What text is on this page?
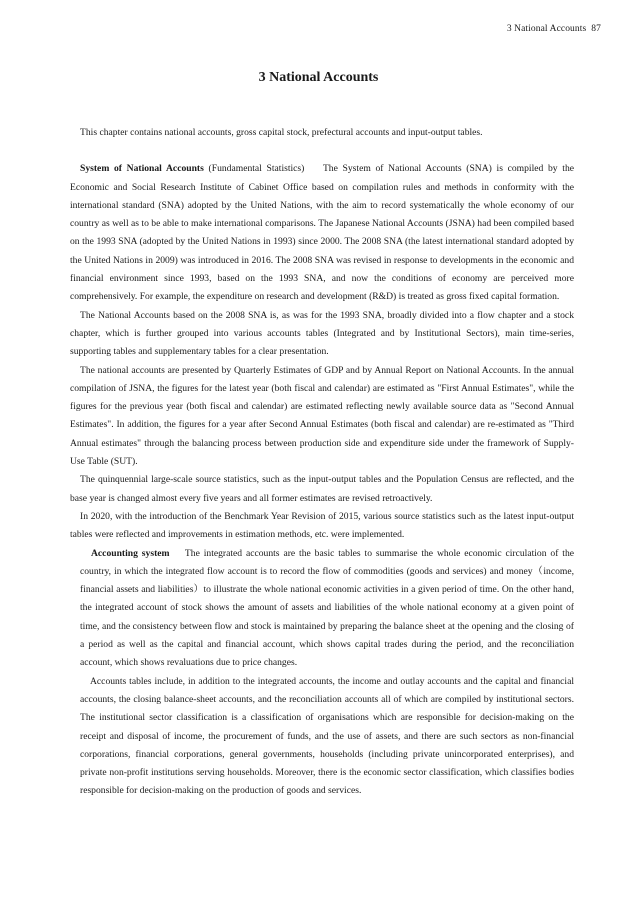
3 National Accounts 87
3 National Accounts

This chapter contains national accounts, gross capital stock, prefectural accounts and input-output tables.

System of National Accounts (Fundamental Statistics) The System of National Accounts (SNA) is compiled by the Economic and Social Research Institute of Cabinet Office based on compilation rules and methods in conformity with the international standard (SNA) adopted by the United Nations, with the aim to record systematically the whole economy of our country as well as to be able to make international comparisons. The Japanese National Accounts (JSNA) had been compiled based on the 1993 SNA (adopted by the United Nations in 1993) since 2000. The 2008 SNA (the latest international standard adopted by the United Nations in 2009) was introduced in 2016. The 2008 SNA was revised in response to developments in the economic and financial environment since 1993, based on the 1993 SNA, and now the conditions of economy are perceived more comprehensively. For example, the expenditure on research and development (R&D) is treated as gross fixed capital formation.

The National Accounts based on the 2008 SNA is, as was for the 1993 SNA, broadly divided into a flow chapter and a stock chapter, which is further grouped into various accounts tables (Integrated and by Institutional Sectors), main time-series, supporting tables and supplementary tables for a clear presentation.

The national accounts are presented by Quarterly Estimates of GDP and by Annual Report on National Accounts. In the annual compilation of JSNA, the figures for the latest year (both fiscal and calendar) are estimated as "First Annual Estimates", while the figures for the previous year (both fiscal and calendar) are estimated reflecting newly available source data as "Second Annual Estimates". In addition, the figures for a year after Second Annual Estimates (both fiscal and calendar) are re-estimated as "Third Annual estimates" through the balancing process between production side and expenditure side under the framework of Supply-Use Table (SUT).

The quinquennial large-scale source statistics, such as the input-output tables and the Population Census are reflected, and the base year is changed almost every five years and all former estimates are revised retroactively.

In 2020, with the introduction of the Benchmark Year Revision of 2015, various source statistics such as the latest input-output tables were reflected and improvements in estimation methods, etc. were implemented.

Accounting system The integrated accounts are the basic tables to summarise the whole economic circulation of the country, in which the integrated flow account is to record the flow of commodities (goods and services) and money（income, financial assets and liabilities）to illustrate the whole national economic activities in a given period of time. On the other hand, the integrated account of stock shows the amount of assets and liabilities of the whole national economy at a given point of time, and the consistency between flow and stock is maintained by preparing the balance sheet at the opening and the closing of a period as well as the capital and financial account, which shows capital trades during the period, and the reconciliation account, which shows revaluations due to price changes.

Accounts tables include, in addition to the integrated accounts, the income and outlay accounts and the capital and financial accounts, the closing balance-sheet accounts, and the reconciliation accounts all of which are compiled by institutional sectors. The institutional sector classification is a classification of organisations which are responsible for decision-making on the receipt and disposal of income, the procurement of funds, and the use of assets, and there are such sectors as non-financial corporations, financial corporations, general governments, households (including private unincorporated enterprises), and private non-profit institutions serving households. Moreover, there is the economic sector classification, which classifies bodies responsible for decision-making on the production of goods and services.
